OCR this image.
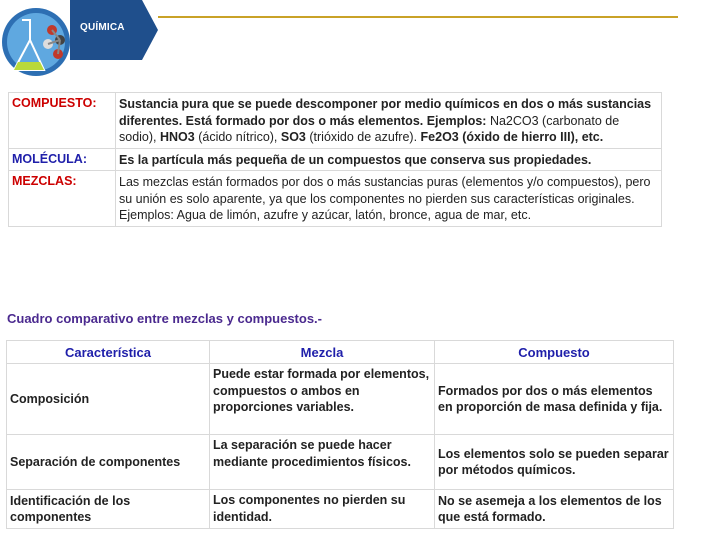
QUÍMICA
COMPUESTO:	Sustancia pura que se puede descomponer por medio químicos en dos o más sustancias diferentes. Está formado por dos o más elementos. Ejemplos: Na2CO3 (carbonato de sodio), HNO3 (ácido nítrico), SO3 (trióxido de azufre). Fe2O3 (óxido de hierro III), etc.
MOLÉCULA:	Es la partícula más pequeña de un compuestos que conserva sus propiedades.
MEZCLAS:	Las mezclas están formados por dos o más sustancias puras (elementos y/o compuestos), pero su unión es solo aparente, ya que los componentes no pierden sus características originales. Ejemplos: Agua de limón, azufre y azúcar, latón, bronce, agua de mar, etc.
Cuadro comparativo entre mezclas y compuestos.-
Característica	Mezcla	Compuesto
Composición	Puede estar formada por elementos, compuestos o ambos en proporciones variables.	Formados por dos o más elementos en proporción de masa definida y fija.
Separación de componentes	La separación se puede hacer mediante procedimientos físicos.	Los elementos solo se pueden separar por métodos químicos.
Identificación de los componentes	Los componentes no pierden su identidad.	No se asemeja a los elementos de los que está formado.
